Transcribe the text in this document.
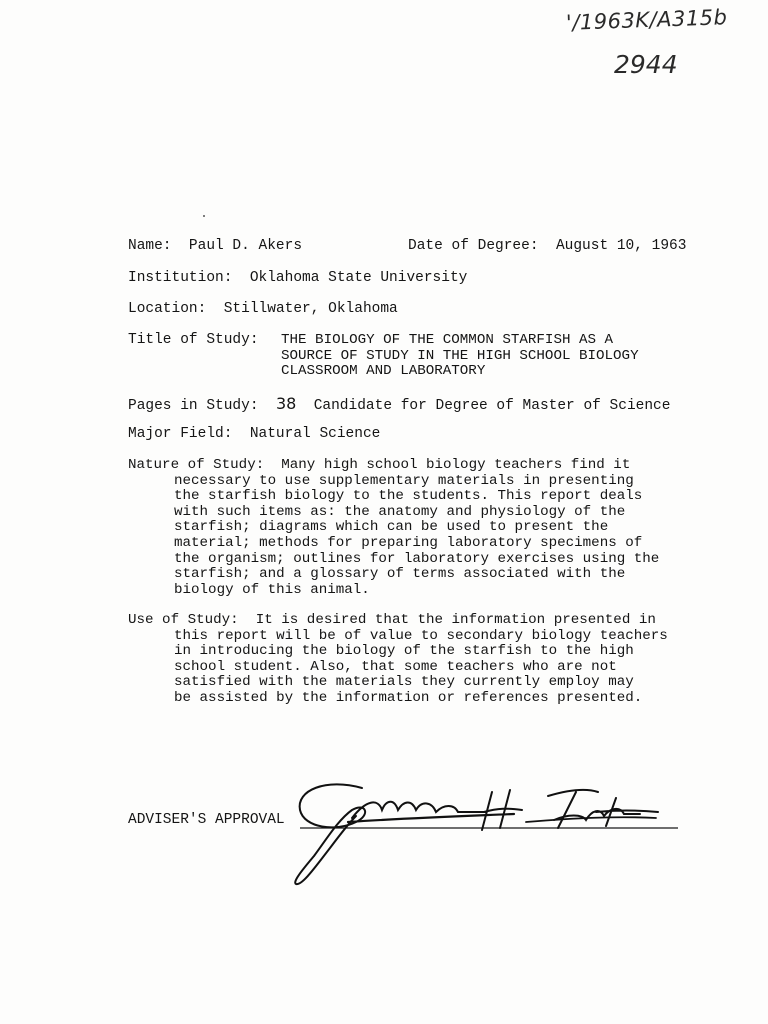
'/1963K/A315b
2944
Name: Paul D. Akers	Date of Degree: August 10, 1963
Institution: Oklahoma State University
Location: Stillwater, Oklahoma
Title of Study: THE BIOLOGY OF THE COMMON STARFISH AS A
SOURCE OF STUDY IN THE HIGH SCHOOL BIOLOGY
CLASSROOM AND LABORATORY
Pages in Study: 38 Candidate for Degree of Master of Science
Major Field: Natural Science
Nature of Study: Many high school biology teachers find it
necessary to use supplementary materials in presenting
the starfish biology to the students. This report deals
with such items as: the anatomy and physiology of the
starfish; diagrams which can be used to present the
material; methods for preparing laboratory specimens of
the organism; outlines for laboratory exercises using the
starfish; and a glossary of terms associated with the
biology of this animal.
Use of Study: It is desired that the information presented in
this report will be of value to secondary biology teachers
in introducing the biology of the starfish to the high
school student. Also, that some teachers who are not
satisfied with the materials they currently employ may
be assisted by the information or references presented.
ADVISER'S APPROVAL
